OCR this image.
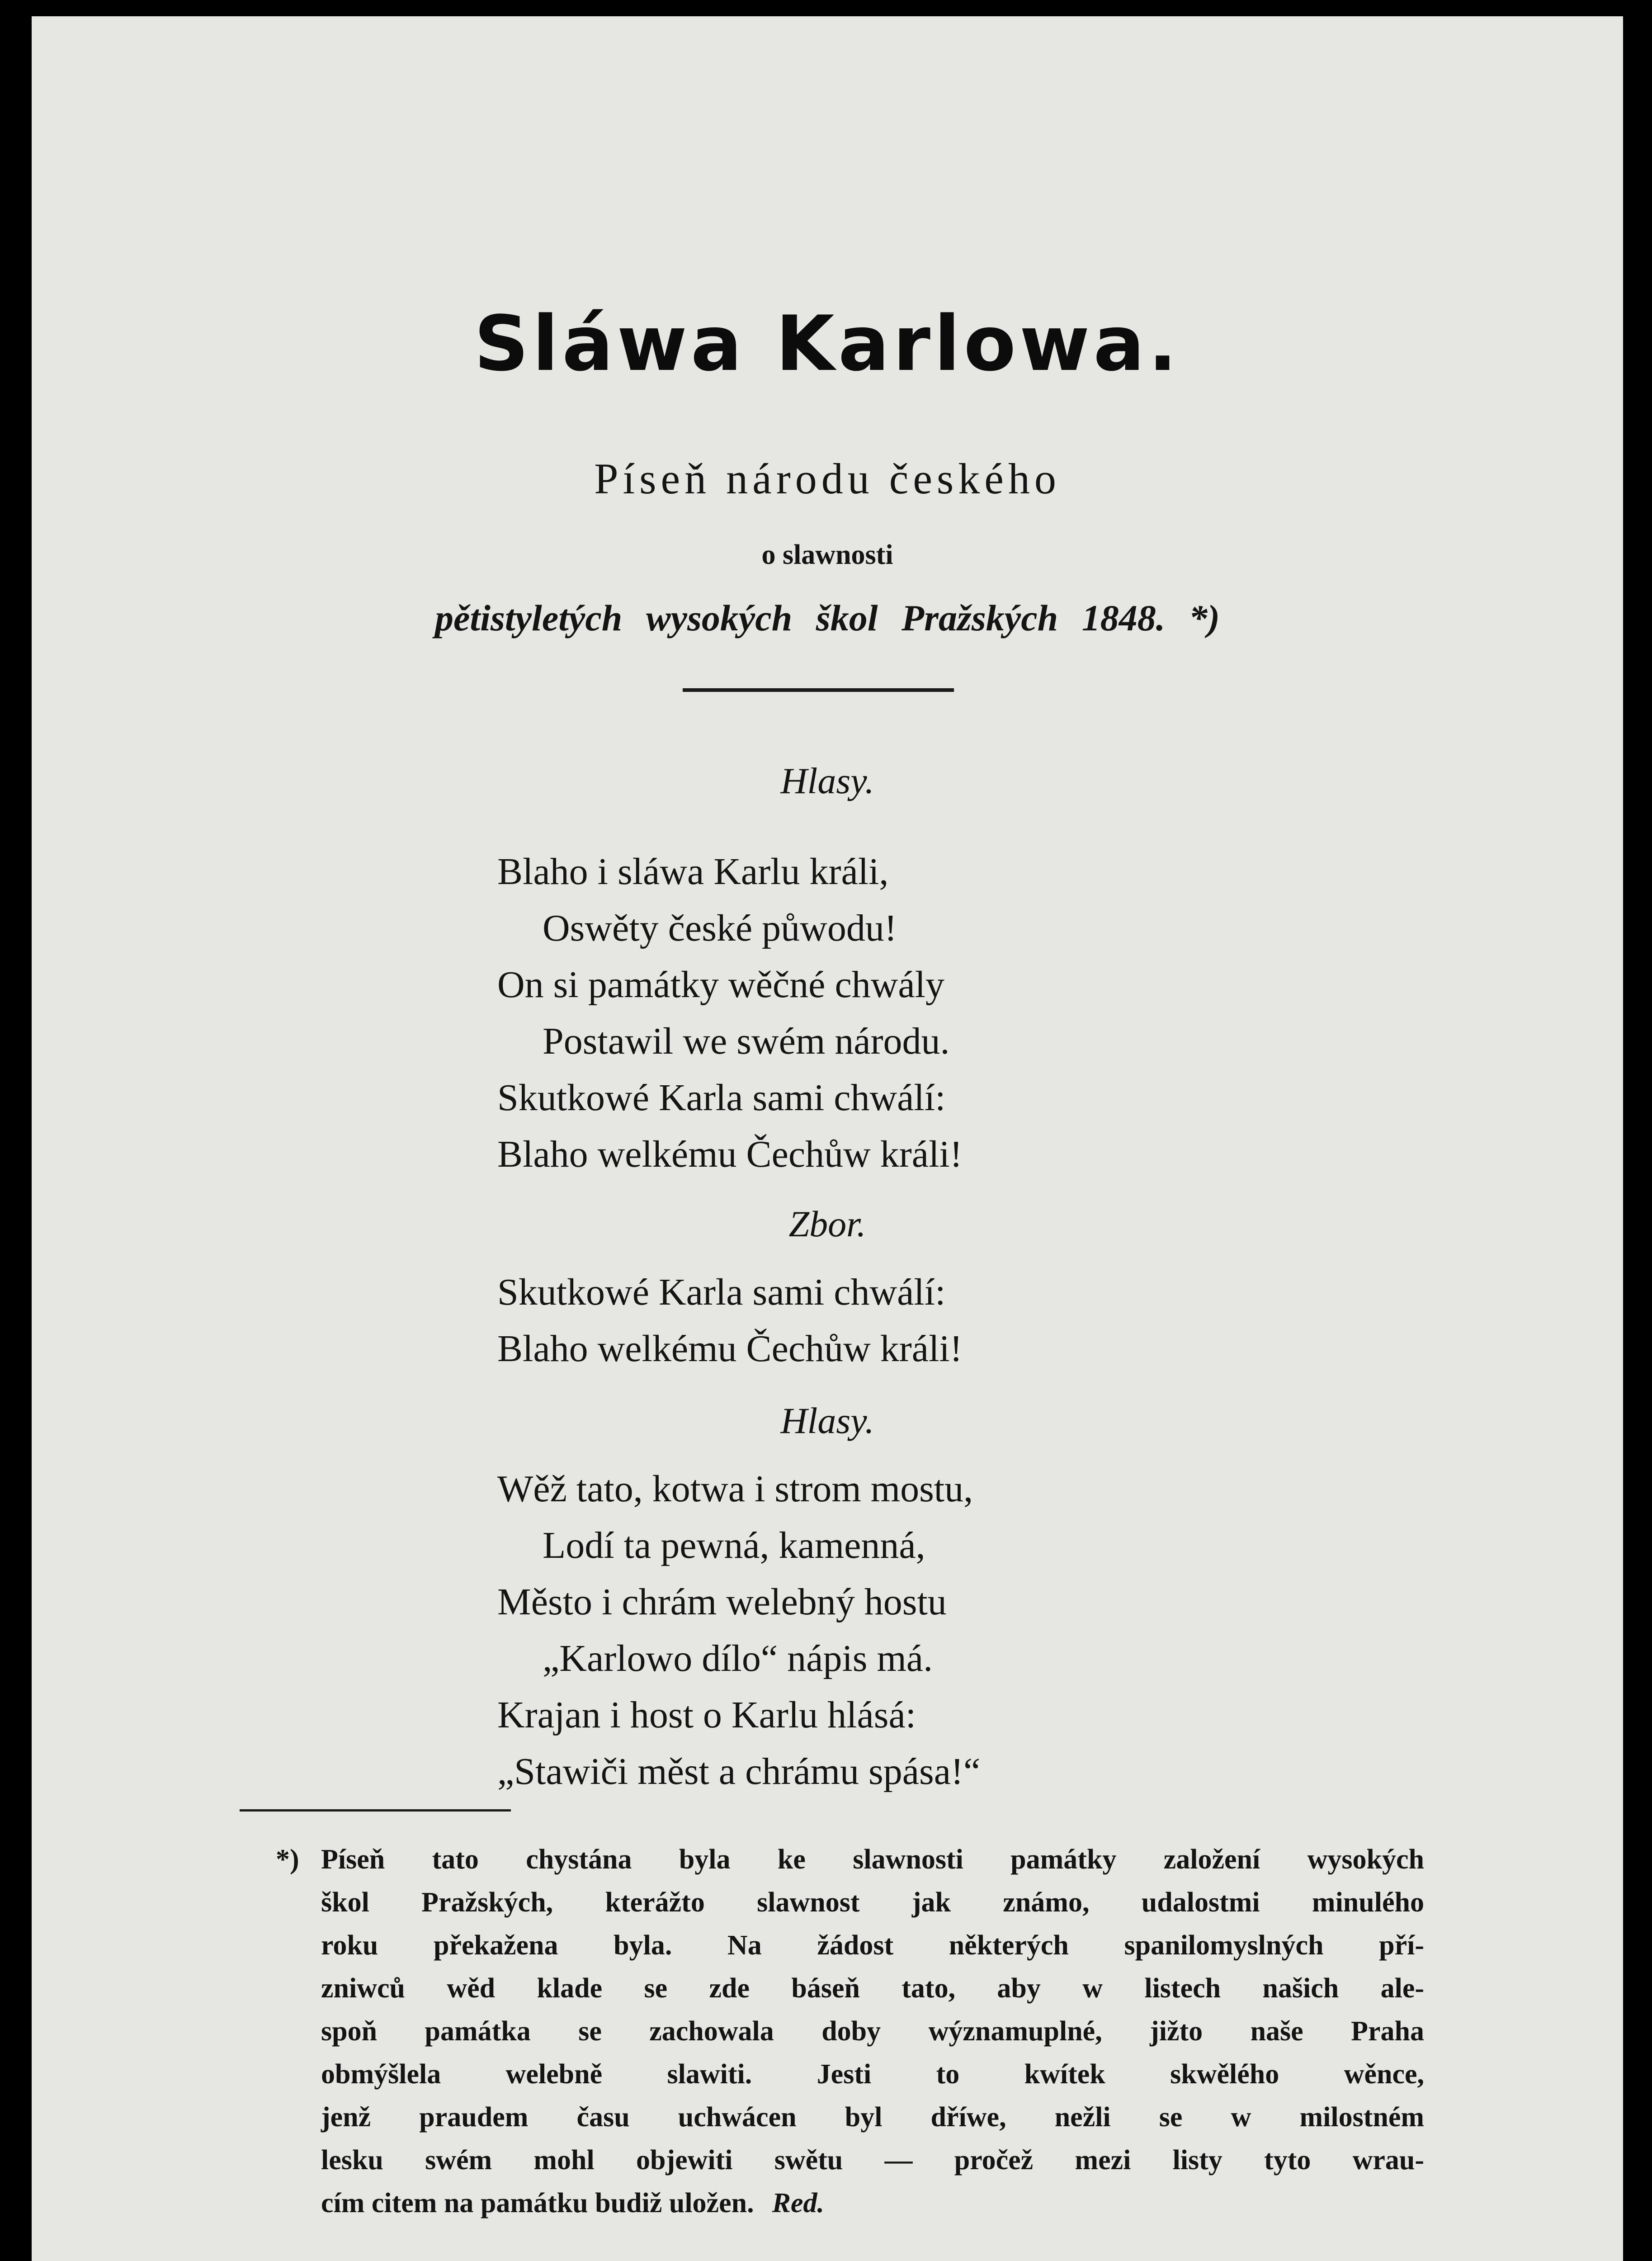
Sláwa Karlowa.
Píseň národu českého
o slawnosti
pětistyletých wysokých škol Pražských 1848. *)
Hlasy.
Blaho i sláwa Karlu králi,
Oswěty české půwodu!
On si památky wěčné chwály
Postawil we swém národu.
Skutkowé Karla sami chwálí:
Blaho welkému Čechůw králi!
Zbor.
Skutkowé Karla sami chwálí:
Blaho welkému Čechůw králi!
Hlasy.
Wěž tato, kotwa i strom mostu,
Lodí ta pewná, kamenná,
Město i chrám welebný hostu
„Karlowo dílo“ nápis má.
Krajan i host o Karlu hlásá:
„Stawiči měst a chrámu spása!“
*) Píseň tato chystána byla ke slawnosti památky založení wysokých
škol Pražských, kterážto slawnost jak známo, udalostmi minulého
roku překažena byla. Na žádost některých spanilomyslných pří-
zniwců wěd klade se zde báseň tato, aby w listech našich ale-
spoň památka se zachowala doby wýznamuplné, jižto naše Praha
obmýšlela welebně slawiti. Jesti to kwítek skwělého wěnce,
jenž praudem času uchwácen byl dříwe, nežli se w milostném
lesku swém mohl objewiti swětu — pročež mezi listy tyto wrau-
cím citem na památku budiž uložen. Red.
